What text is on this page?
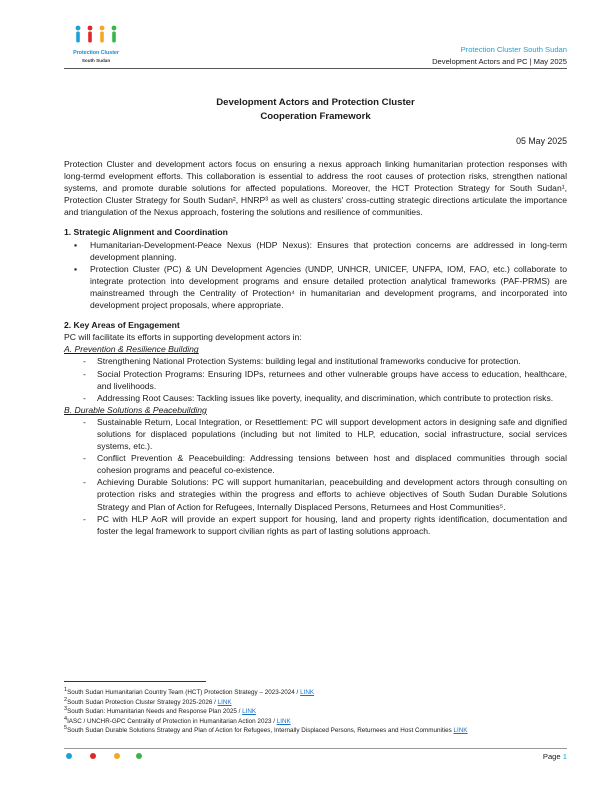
Protection Cluster
South Sudan
Protection Cluster South Sudan
Development Actors and PC | May 2025
Development Actors and Protection Cluster
Cooperation Framework
05 May 2025

Protection Cluster and development actors focus on ensuring a nexus approach linking humanitarian protection responses with long-termd evelopment efforts. This collaboration is essential to address the root causes of protection risks, strengthen national systems, and promote durable solutions for affected populations. Moreover, the HCT Protection Strategy for South Sudan¹, Protection Cluster Strategy for South Sudan², HNRP³ as well as clusters' cross-cutting strategic directions articulate the importance and triangulation of the Nexus approach, fostering the solutions and resilience of communities.

1. Strategic Alignment and Coordination

▪ Humanitarian-Development-Peace Nexus (HDP Nexus): Ensures that protection concerns are addressed in long-term development planning.
▪ Protection Cluster (PC) & UN Development Agencies (UNDP, UNHCR, UNICEF, UNFPA, IOM, FAO, etc.) collaborate to integrate protection into development programs and ensure detailed protection analytical frameworks (PAF-PRMS) are mainstreamed through the Centrality of Protection⁴ in humanitarian and development programs, and incorporated into development project proposals, where appropriate.

2. Key Areas of Engagement

PC will facilitate its efforts in supporting development actors in:

A. Prevention & Resilience Building

- Strengthening National Protection Systems: building legal and institutional frameworks conducive for protection.
- Social Protection Programs: Ensuring IDPs, returnees and other vulnerable groups have access to education, healthcare, and livelihoods.
- Addressing Root Causes: Tackling issues like poverty, inequality, and discrimination, which contribute to protection risks.

B. Durable Solutions & Peacebuilding

- Sustainable Return, Local Integration, or Resettlement: PC will support development actors in designing safe and dignified solutions for displaced populations (including but not limited to HLP, education, social infrastructure, social services systems, etc.).
- Conflict Prevention & Peacebuilding: Addressing tensions between host and displaced communities through social cohesion programs and peaceful co-existence.
- Achieving Durable Solutions: PC will support humanitarian, peacebuilding and development actors through consulting on protection risks and strategies within the progress and efforts to achieve objectives of South Sudan Durable Solutions Strategy and Plan of Action for Refugees, Internally Displaced Persons, Returnees and Host Communities⁵.
- PC with HLP AoR will provide an expert support for housing, land and property rights identification, documentation and foster the legal framework to support civilian rights as part of lasting solutions approach.
$^1$South Sudan Humanitarian Country Team (HCT) Protection Strategy – 2023-2024 / LINK
$^2$South Sudan Protection Cluster Strategy 2025-2026 / LINK
$^3$South Sudan: Humanitarian Needs and Response Plan 2025 / LINK
$^4$IASC / UNCHR-GPC Centrality of Protection in Humanitarian Action 2023 / LINK
$^5$South Sudan Durable Solutions Strategy and Plan of Action for Refugees, Internally Displaced Persons, Returnees and Host Communities LINK
Page 1
